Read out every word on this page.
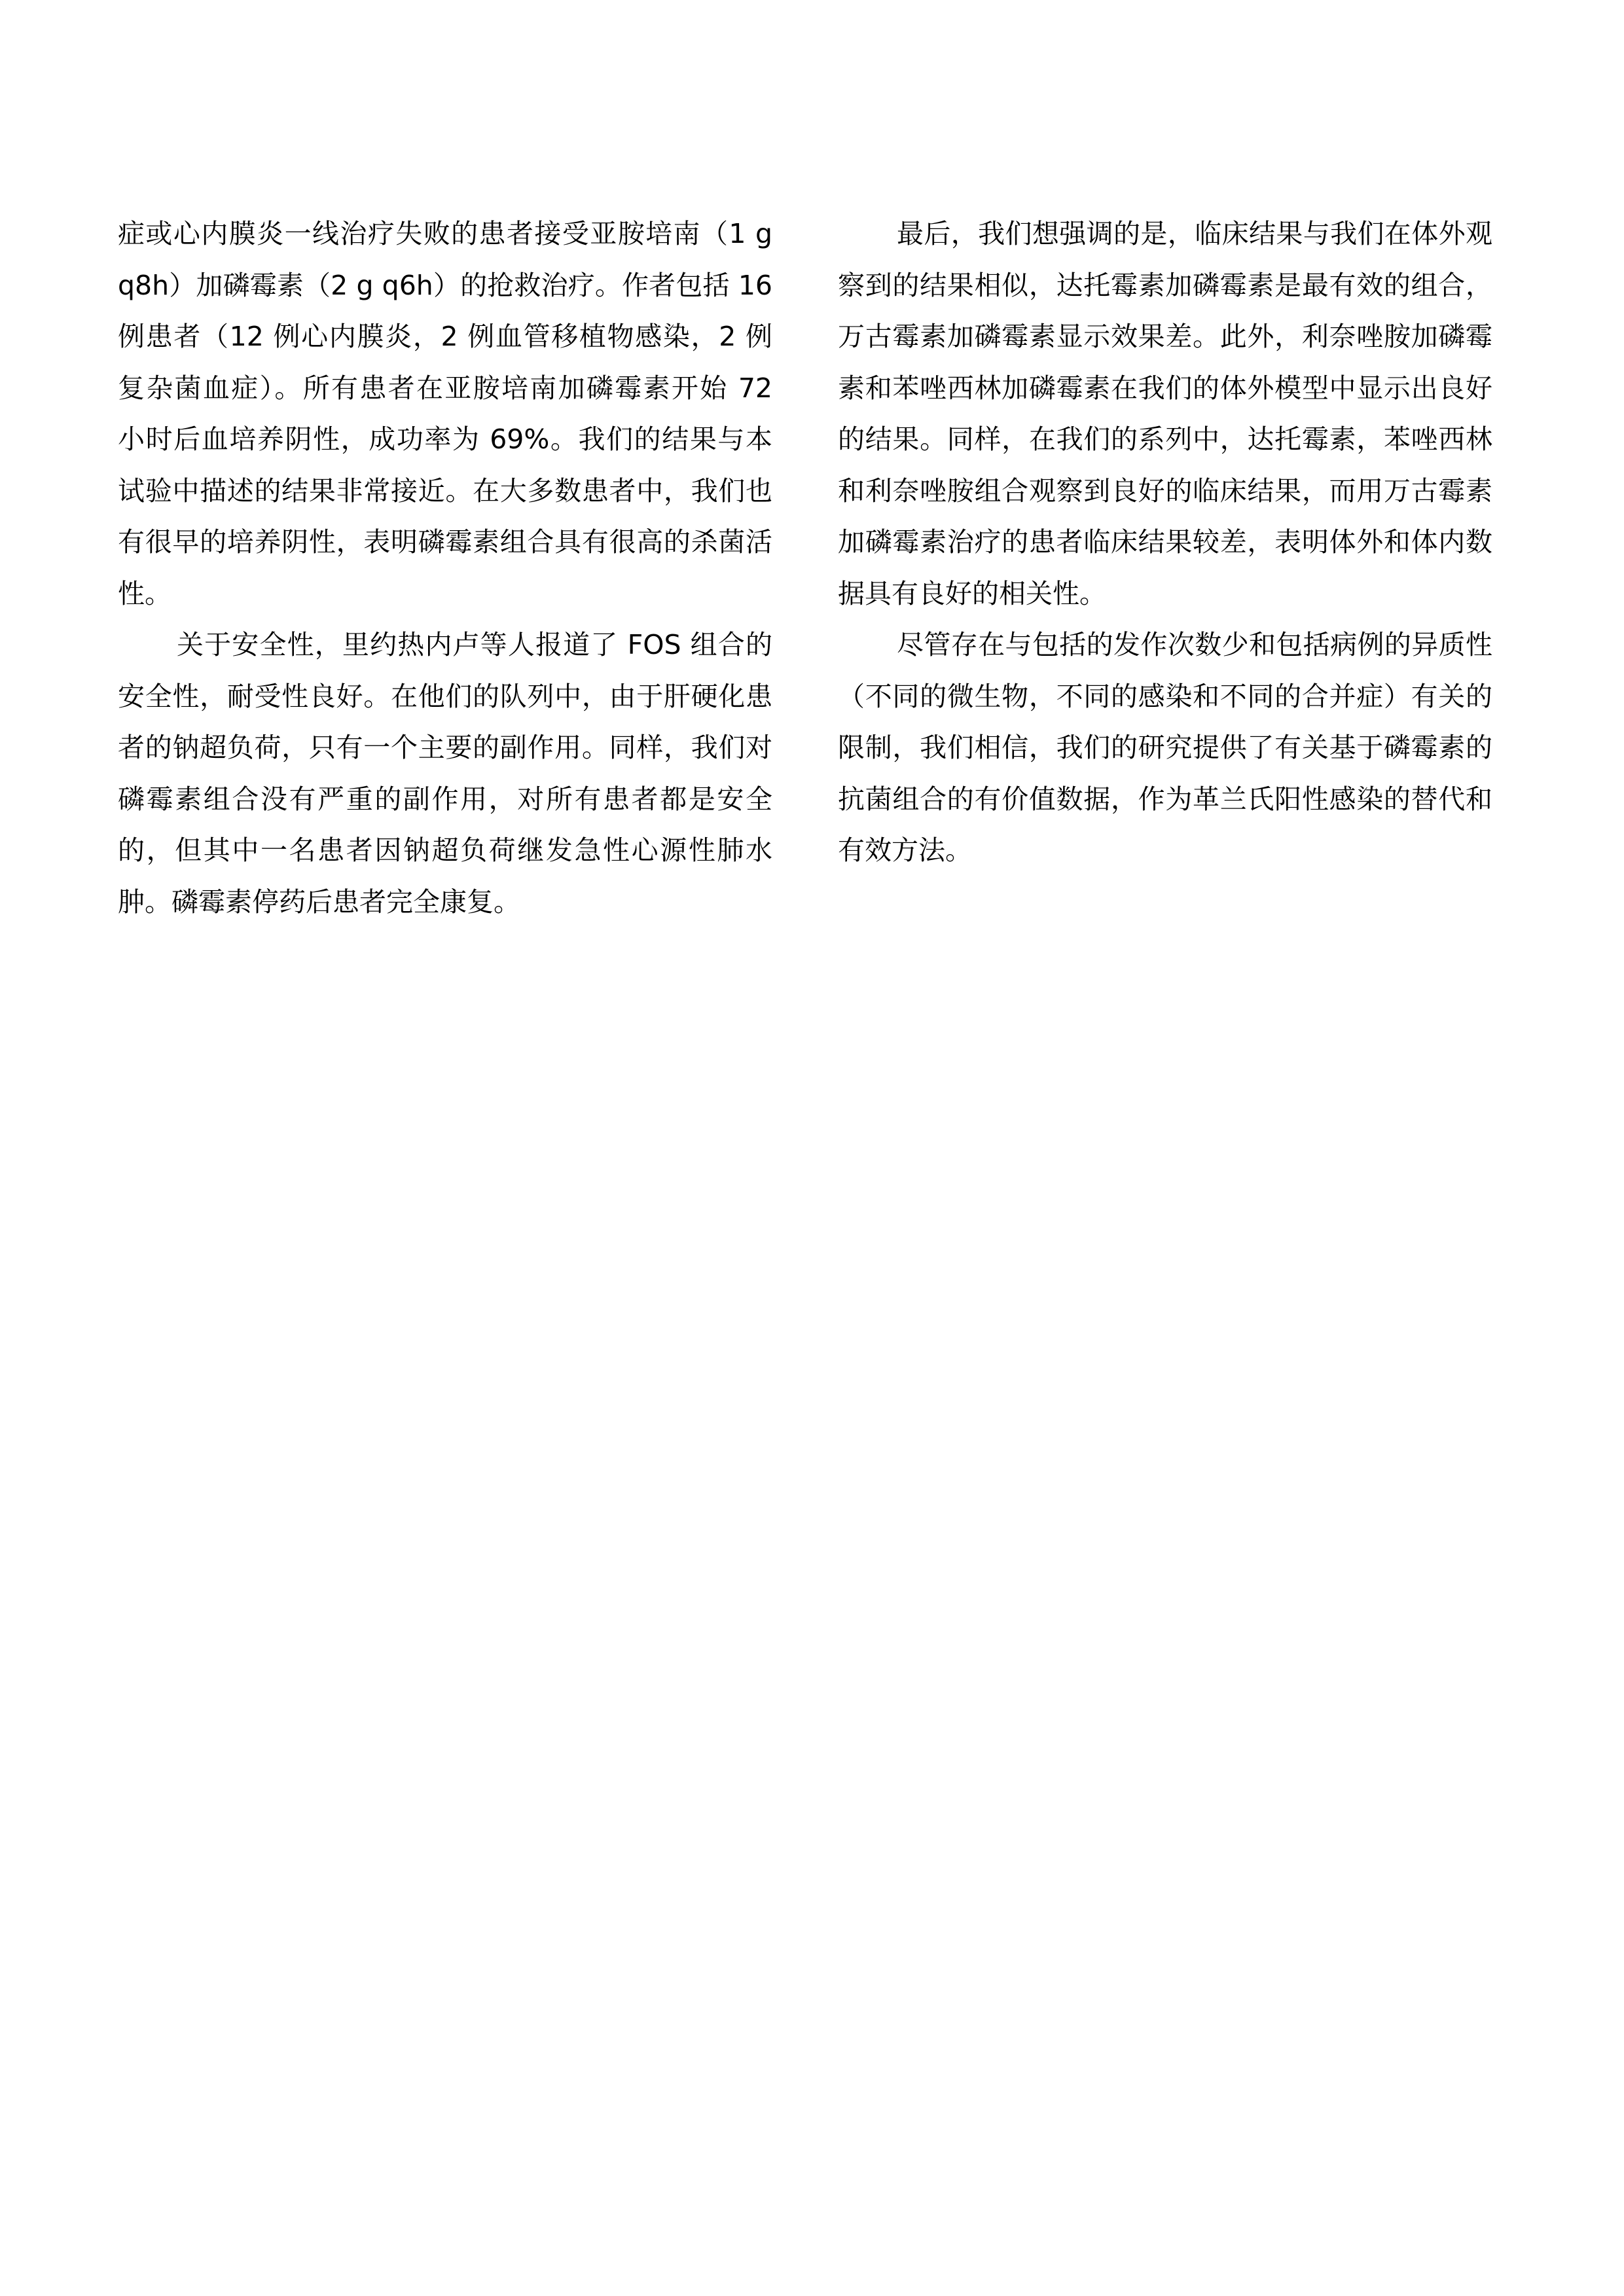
症或心内膜炎一线治疗失败的患者接受亚胺培南（1 g q8h）加磷霉素（2 g q6h）的抢救治疗。作者包括 16 例患者（12 例心内膜炎，2 例血管移植物感染，2 例复杂菌血症）。所有患者在亚胺培南加磷霉素开始 72 小时后血培养阴性，成功率为 69%。我们的结果与本试验中描述的结果非常接近。在大多数患者中，我们也有很早的培养阴性，表明磷霉素组合具有很高的杀菌活性。

关于安全性，里约热内卢等人报道了 FOS 组合的安全性，耐受性良好。在他们的队列中，由于肝硬化患者的钠超负荷，只有一个主要的副作用。同样，我们对磷霉素组合没有严重的副作用，对所有患者都是安全的，但其中一名患者因钠超负荷继发急性心源性肺水肿。磷霉素停药后患者完全康复。

最后，我们想强调的是，临床结果与我们在体外观察到的结果相似，达托霉素加磷霉素是最有效的组合，万古霉素加磷霉素显示效果差。此外，利奈唑胺加磷霉素和苯唑西林加磷霉素在我们的体外模型中显示出良好的结果。同样，在我们的系列中，达托霉素，苯唑西林和利奈唑胺组合观察到良好的临床结果，而用万古霉素加磷霉素治疗的患者临床结果较差，表明体外和体内数据具有良好的相关性。

尽管存在与包括的发作次数少和包括病例的异质性（不同的微生物，不同的感染和不同的合并症）有关的限制，我们相信，我们的研究提供了有关基于磷霉素的抗菌组合的有价值数据，作为革兰氏阳性感染的替代和有效方法。
